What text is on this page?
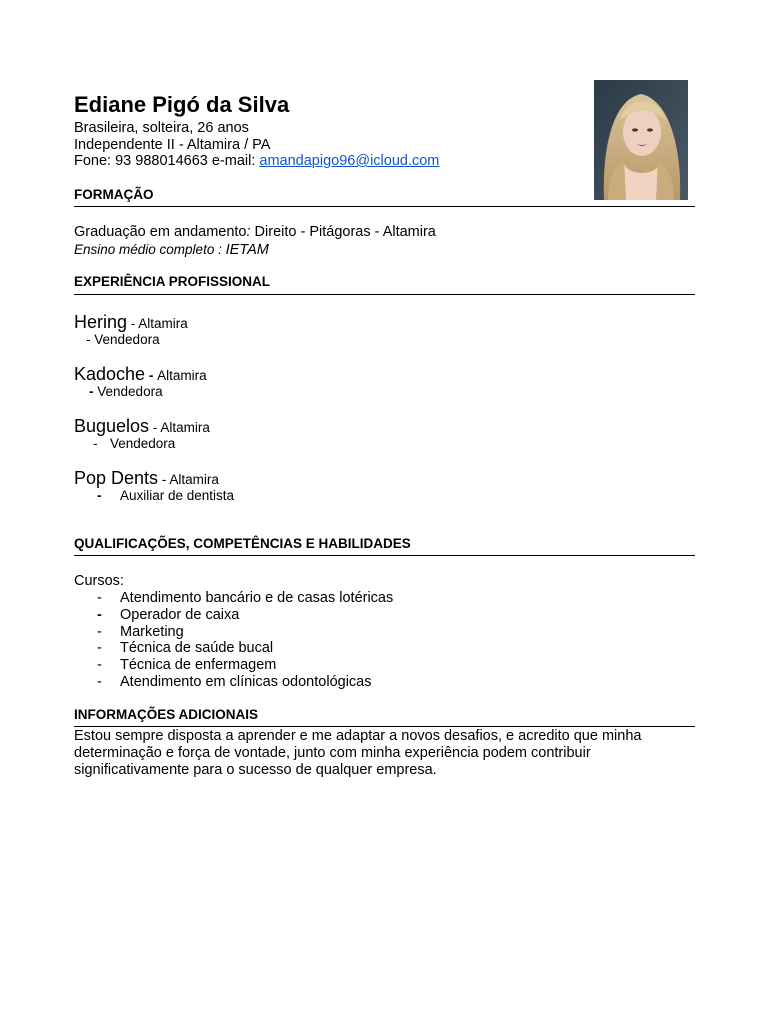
Ediane Pigó da Silva
Brasileira, solteira, 26 anos
Independente II - Altamira / PA
Fone: 93 988014663 e-mail: amandapigo96@icloud.com
FORMAÇÃO
Graduação em andamento: Direito - Pitágoras - Altamira
Ensino médio completo : IETAM
EXPERIÊNCIA PROFISSIONAL
Hering - Altamira
- Vendedora
Kadoche - Altamira
- Vendedora
Buguelos - Altamira
- Vendedora
Pop Dents - Altamira
- Auxiliar de dentista
QUALIFICAÇÕES, COMPETÊNCIAS E HABILIDADES
Cursos:
- Atendimento bancário e de casas lotéricas
- Operador de caixa
- Marketing
- Técnica de saúde bucal
- Técnica de enfermagem
- Atendimento em clínicas odontológicas
INFORMAÇÕES ADICIONAIS
Estou sempre disposta a aprender e me adaptar a novos desafios, e acredito que minha determinação e força de vontade, junto com minha experiência podem contribuir significativamente para o sucesso de qualquer empresa.
